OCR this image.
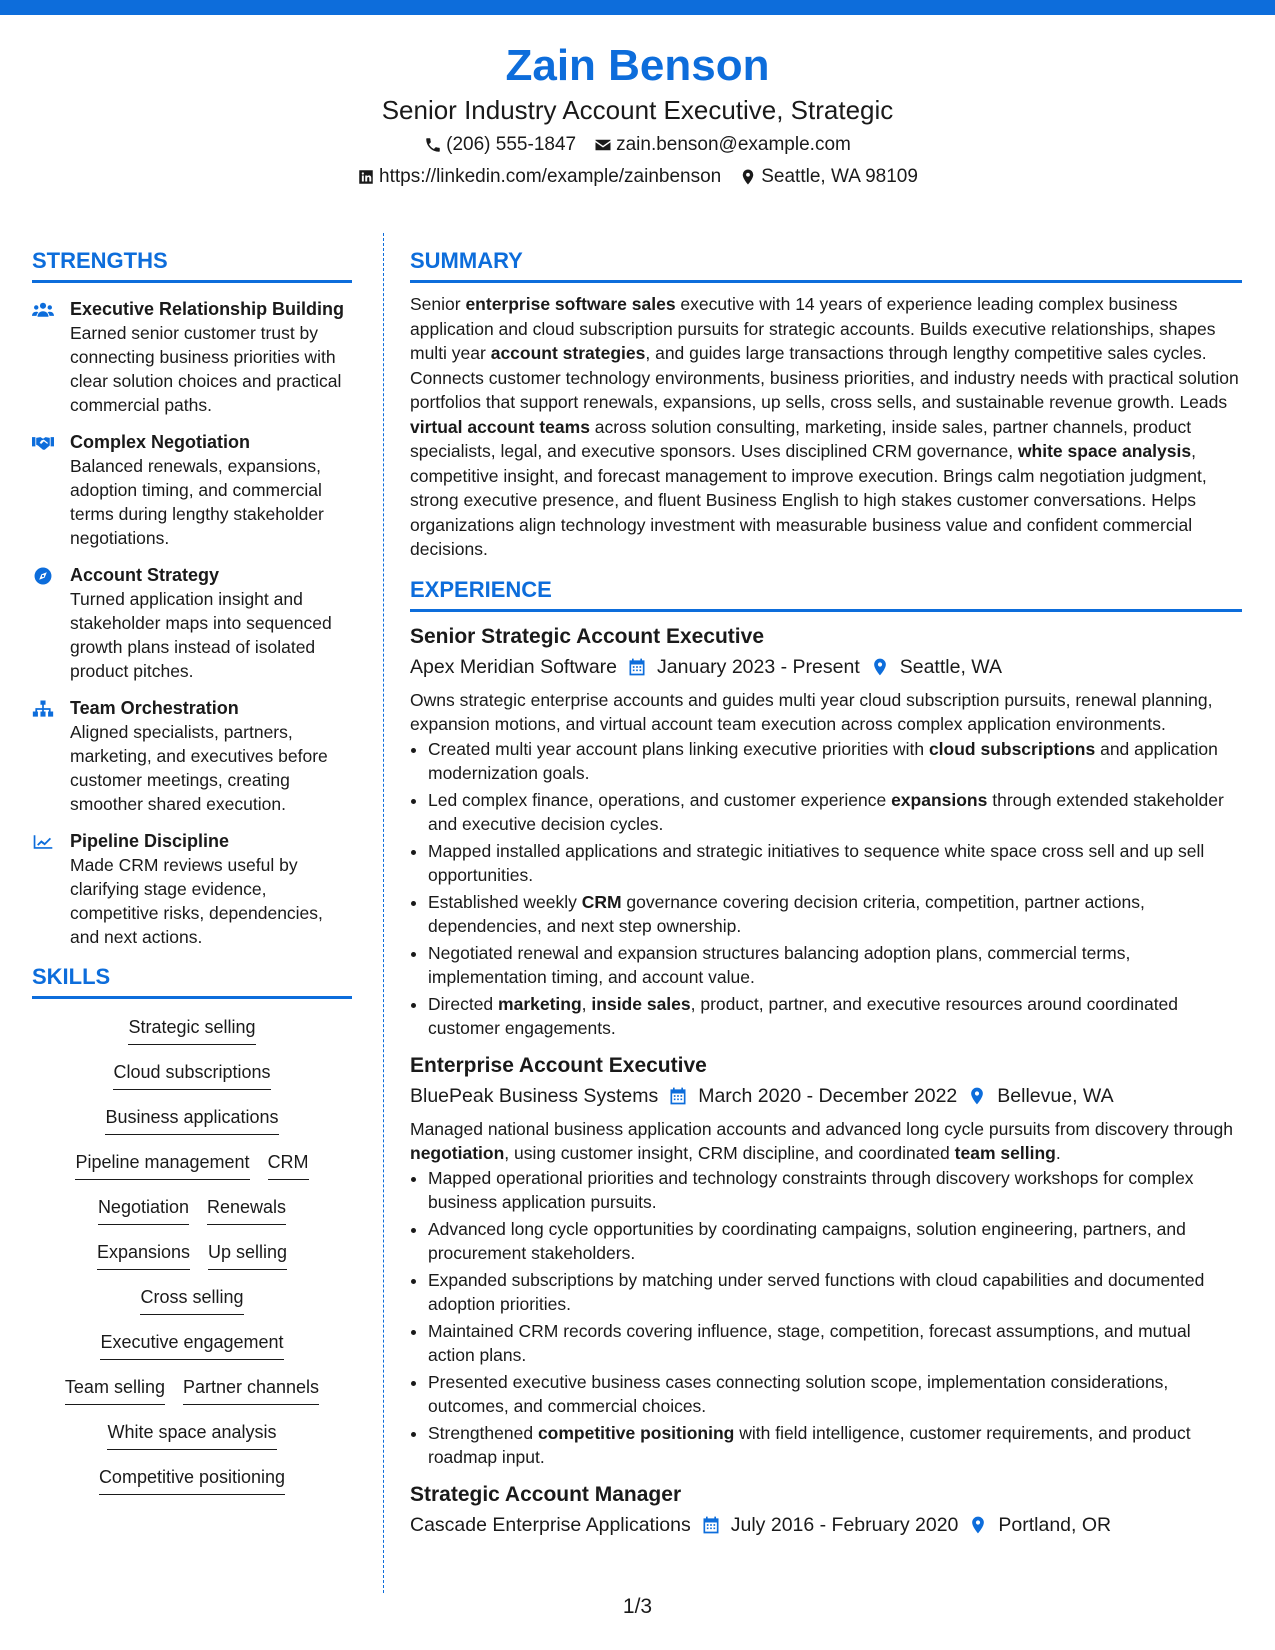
Zain Benson
Senior Industry Account Executive, Strategic
(206) 555-1847 zain.benson@example.com
https://linkedin.com/example/zainbenson Seattle, WA 98109
STRENGTHS
Executive Relationship Building
Earned senior customer trust by connecting business priorities with clear solution choices and practical commercial paths.
Complex Negotiation
Balanced renewals, expansions, adoption timing, and commercial terms during lengthy stakeholder negotiations.
Account Strategy
Turned application insight and stakeholder maps into sequenced growth plans instead of isolated product pitches.
Team Orchestration
Aligned specialists, partners, marketing, and executives before customer meetings, creating smoother shared execution.
Pipeline Discipline
Made CRM reviews useful by clarifying stage evidence, competitive risks, dependencies, and next actions.
SKILLS
Strategic selling
Cloud subscriptions
Business applications
Pipeline management CRM
Negotiation Renewals
Expansions Up selling
Cross selling
Executive engagement
Team selling Partner channels
White space analysis
Competitive positioning
SUMMARY
Senior enterprise software sales executive with 14 years of experience leading complex business application and cloud subscription pursuits for strategic accounts. Builds executive relationships, shapes multi year account strategies, and guides large transactions through lengthy competitive sales cycles. Connects customer technology environments, business priorities, and industry needs with practical solution portfolios that support renewals, expansions, up sells, cross sells, and sustainable revenue growth. Leads virtual account teams across solution consulting, marketing, inside sales, partner channels, product specialists, legal, and executive sponsors. Uses disciplined CRM governance, white space analysis, competitive insight, and forecast management to improve execution. Brings calm negotiation judgment, strong executive presence, and fluent Business English to high stakes customer conversations. Helps organizations align technology investment with measurable business value and confident commercial decisions.
EXPERIENCE
Senior Strategic Account Executive
Apex Meridian Software January 2023 - Present Seattle, WA
Owns strategic enterprise accounts and guides multi year cloud subscription pursuits, renewal planning, expansion motions, and virtual account team execution across complex application environments.
• Created multi year account plans linking executive priorities with cloud subscriptions and application modernization goals.
• Led complex finance, operations, and customer experience expansions through extended stakeholder and executive decision cycles.
• Mapped installed applications and strategic initiatives to sequence white space cross sell and up sell opportunities.
• Established weekly CRM governance covering decision criteria, competition, partner actions, dependencies, and next step ownership.
• Negotiated renewal and expansion structures balancing adoption plans, commercial terms, implementation timing, and account value.
• Directed marketing, inside sales, product, partner, and executive resources around coordinated customer engagements.
Enterprise Account Executive
BluePeak Business Systems March 2020 - December 2022 Bellevue, WA
Managed national business application accounts and advanced long cycle pursuits from discovery through negotiation, using customer insight, CRM discipline, and coordinated team selling.
• Mapped operational priorities and technology constraints through discovery workshops for complex business application pursuits.
• Advanced long cycle opportunities by coordinating campaigns, solution engineering, partners, and procurement stakeholders.
• Expanded subscriptions by matching under served functions with cloud capabilities and documented adoption priorities.
• Maintained CRM records covering influence, stage, competition, forecast assumptions, and mutual action plans.
• Presented executive business cases connecting solution scope, implementation considerations, outcomes, and commercial choices.
• Strengthened competitive positioning with field intelligence, customer requirements, and product roadmap input.
Strategic Account Manager
Cascade Enterprise Applications July 2016 - February 2020 Portland, OR
1/3
